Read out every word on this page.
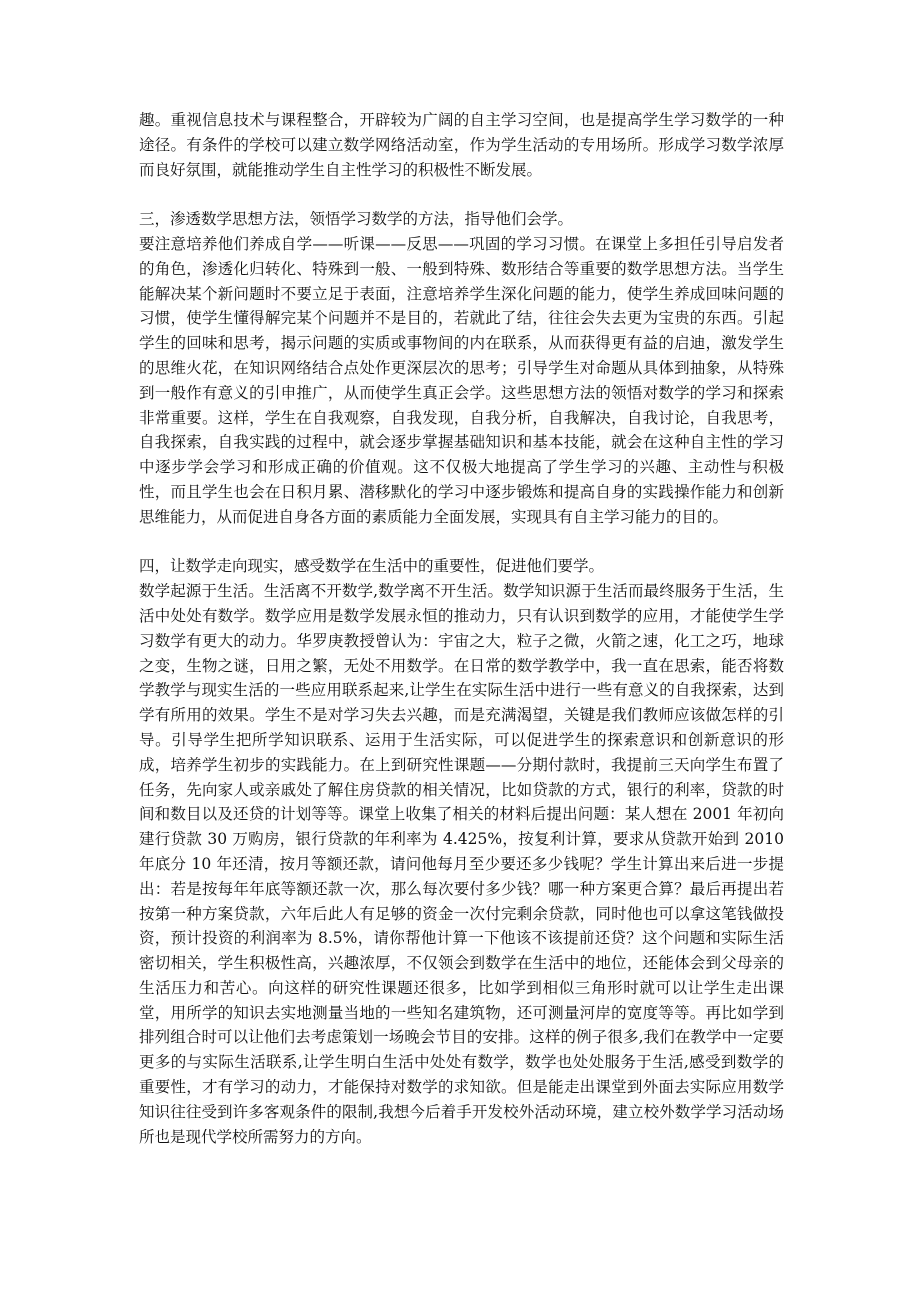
趣。重视信息技术与课程整合，开辟较为广阔的自主学习空间，也是提高学生学习数学的一种途径。有条件的学校可以建立数学网络活动室，作为学生活动的专用场所。形成学习数学浓厚而良好氛围，就能推动学生自主性学习的积极性不断发展。

三，渗透数学思想方法，领悟学习数学的方法，指导他们会学。

要注意培养他们养成自学——听课——反思——巩固的学习习惯。在课堂上多担任引导启发者的角色，渗透化归转化、特殊到一般、一般到特殊、数形结合等重要的数学思想方法。当学生能解决某个新问题时不要立足于表面，注意培养学生深化问题的能力，使学生养成回味问题的习惯，使学生懂得解完某个问题并不是目的，若就此了结，往往会失去更为宝贵的东西。引起学生的回味和思考，揭示问题的实质或事物间的内在联系，从而获得更有益的启迪，激发学生的思维火花，在知识网络结合点处作更深层次的思考；引导学生对命题从具体到抽象，从特殊到一般作有意义的引申推广，从而使学生真正会学。这些思想方法的领悟对数学的学习和探索非常重要。这样，学生在自我观察，自我发现，自我分析，自我解决，自我讨论，自我思考，自我探索，自我实践的过程中，就会逐步掌握基础知识和基本技能，就会在这种自主性的学习中逐步学会学习和形成正确的价值观。这不仅极大地提高了学生学习的兴趣、主动性与积极性，而且学生也会在日积月累、潜移默化的学习中逐步锻炼和提高自身的实践操作能力和创新思维能力，从而促进自身各方面的素质能力全面发展，实现具有自主学习能力的目的。

四，让数学走向现实，感受数学在生活中的重要性，促进他们要学。

数学起源于生活。生活离不开数学,数学离不开生活。数学知识源于生活而最终服务于生活，生活中处处有数学。数学应用是数学发展永恒的推动力，只有认识到数学的应用，才能使学生学习数学有更大的动力。华罗庚教授曾认为：宇宙之大，粒子之微，火箭之速，化工之巧，地球之变，生物之谜，日用之繁，无处不用数学。在日常的数学教学中，我一直在思索，能否将数学教学与现实生活的一些应用联系起来,让学生在实际生活中进行一些有意义的自我探索，达到学有所用的效果。学生不是对学习失去兴趣，而是充满渴望，关键是我们教师应该做怎样的引导。引导学生把所学知识联系、运用于生活实际，可以促进学生的探索意识和创新意识的形成，培养学生初步的实践能力。在上到研究性课题——分期付款时，我提前三天向学生布置了任务，先向家人或亲戚处了解住房贷款的相关情况，比如贷款的方式，银行的利率，贷款的时间和数目以及还贷的计划等等。课堂上收集了相关的材料后提出问题：某人想在 2001 年初向建行贷款 30 万购房，银行贷款的年利率为 4.425%，按复利计算，要求从贷款开始到 2010 年底分 10 年还清，按月等额还款，请问他每月至少要还多少钱呢？学生计算出来后进一步提出：若是按每年年底等额还款一次，那么每次要付多少钱？哪一种方案更合算？最后再提出若按第一种方案贷款，六年后此人有足够的资金一次付完剩余贷款，同时他也可以拿这笔钱做投资，预计投资的利润率为 8.5%，请你帮他计算一下他该不该提前还贷？这个问题和实际生活密切相关，学生积极性高，兴趣浓厚，不仅领会到数学在生活中的地位，还能体会到父母亲的生活压力和苦心。向这样的研究性课题还很多，比如学到相似三角形时就可以让学生走出课堂，用所学的知识去实地测量当地的一些知名建筑物，还可测量河岸的宽度等等。再比如学到排列组合时可以让他们去考虑策划一场晚会节目的安排。这样的例子很多,我们在教学中一定要更多的与实际生活联系,让学生明白生活中处处有数学，数学也处处服务于生活,感受到数学的重要性，才有学习的动力，才能保持对数学的求知欲。但是能走出课堂到外面去实际应用数学知识往往受到许多客观条件的限制,我想今后着手开发校外活动环境，建立校外数学学习活动场所也是现代学校所需努力的方向。
